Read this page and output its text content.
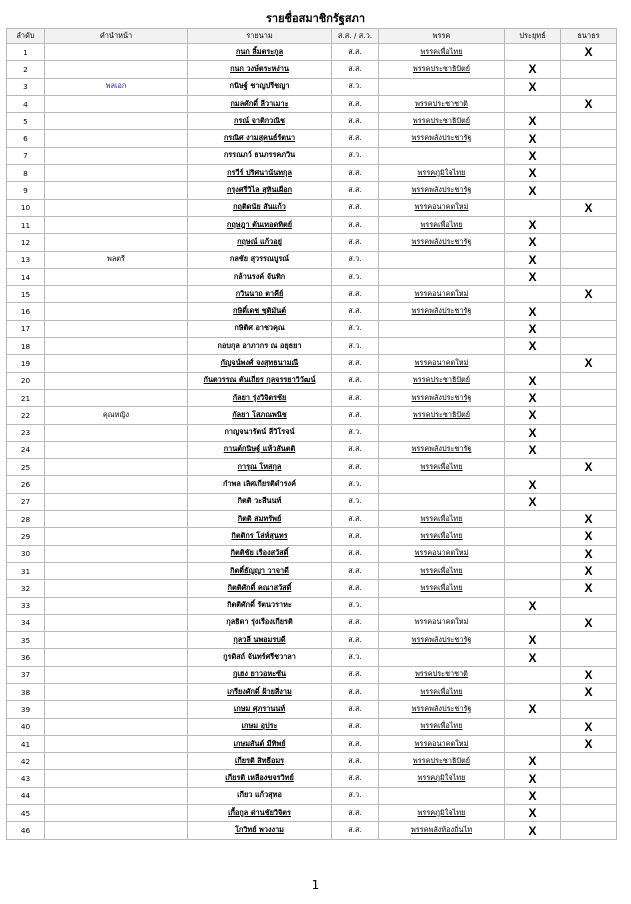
รายชื่อสมาชิกรัฐสภา
ลำดับ	คำนำหน้า	รายนาม	ส.ส. / ส.ว.	พรรค	ประยุทธ์	ธนาธร
1		กนก ลิ้มตระกูล	ส.ส.	พรรคเพื่อไทย		X
2		กนก วงษ์ตระหง่าน	ส.ส.	พรรคประชาธิปัตย์	X	
3	พลเอก	กนิษฐ์ ชาญปรีชญา	ส.ว.		X	
4		กมลศักดิ์ ลีวาเมาะ	ส.ส.	พรรคประชาชาติ		X
5		กรณ์ จาติกวณิช	ส.ส.	พรรคประชาธิปัตย์	X	
6		กรณิศ งามสุคนธ์รัตนา	ส.ส.	พรรคพลังประชารัฐ	X	
7		กรรณภว์ ธนภรรคภวิน	ส.ว.		X	
8		กรวีร์ ปริศนานันทกุล	ส.ส.	พรรคภูมิใจไทย	X	
9		กรุงศรีวิไล สุทินเผือก	ส.ส.	พรรคพลังประชารัฐ	X	
10		กฤติดนัย สันแก้ว	ส.ส.	พรรคอนาคตใหม่		X
11		กฤษฎา ตันเทอดทิตย์	ส.ส.	พรรคเพื่อไทย	X	
12		กฤษณ์ แก้วอยู่	ส.ส.	พรรคพลังประชารัฐ	X	
13	พลตรี	กลชัย สุวรรณบูรณ์	ส.ว.		X	
14		กล้านรงค์ จันทิก	ส.ว.		X	
15		กวินนาถ ตาคีย์	ส.ส.	พรรคอนาคตใหม่		X
16		กษิดิ์เดช ชุติมันต์	ส.ส.	พรรคพลังประชารัฐ	X	
17		กษิติศ อาชวคุณ	ส.ว.		X	
18		กอบกุล อาภากร ณ อยุธยา	ส.ว.		X	
19		กัญจน์พงศ์ จงสุทธนามณี	ส.ส.	พรรคอนาคตใหม่		X
20		กันตวรรณ ตันเถียร กุลจรรยาวิวัฒน์	ส.ส.	พรรคประชาธิปัตย์	X	
21		กัลยา รุ่งวิจิตรชัย	ส.ส.	พรรคพลังประชารัฐ	X	
22	คุณหญิง	กัลยา โสภณพนิช	ส.ส.	พรรคประชาธิปัตย์	X	
23		กาญจนารัตน์ ลีวิโรจน์	ส.ว.		X	
24		กานต์กนิษฐ์ แห้วสันตติ	ส.ส.	พรรคพลังประชารัฐ	X	
25		การุณ โหสกุล	ส.ส.	พรรคเพื่อไทย		X
26		กำพล เลิศเกียรติดำรงค์	ส.ว.		X	
27		กิตติ วะสีนนท์	ส.ว.		X	
28		กิตติ สมทรัพย์	ส.ส.	พรรคเพื่อไทย		X
29		กิตติกร โล่ห์สุนทร	ส.ส.	พรรคเพื่อไทย		X
30		กิตติชัย เรืองสวัสดิ์	ส.ส.	พรรคอนาคตใหม่		X
31		กิตติ์ธัญญา วาจาดี	ส.ส.	พรรคเพื่อไทย		X
32		กิตติศักดิ์ คณาสวัสดิ์	ส.ส.	พรรคเพื่อไทย		X
33		กิตติศักดิ์ รัตนวราหะ	ส.ว.		X	
34		กุลธิดา รุ่งเรืองเกียรติ	ส.ส.	พรรคอนาคตใหม่		X
35		กุลวลี นพอมรบดี	ส.ส.	พรรคพลังประชารัฐ	X	
36		กูรดิสถ์ จันทร์ศรีชวาลา	ส.ว.		X	
37		กูเฮง ยาวอหะซัน	ส.ส.	พรรคประชาชาติ		X
38		เกรียงศักดิ์ ฝ้ายสีงาม	ส.ส.	พรรคเพื่อไทย		X
39		เกษม ศุภรานนท์	ส.ส.	พรรคพลังประชารัฐ	X	
40		เกษม อุประ	ส.ส.	พรรคเพื่อไทย		X
41		เกษมสันต์ มีทิพย์	ส.ส.	พรรคอนาคตใหม่		X
42		เกียรติ สิทธีอมร	ส.ส.	พรรคประชาธิปัตย์	X	
43		เกียรติ เหลืองขจรวิทย์	ส.ส.	พรรคภูมิใจไทย	X	
44		เกียว แก้วสุทอ	ส.ว.		X	
45		เกื้อกูล ด่านชัยวิจิตร	ส.ส.	พรรคภูมิใจไทย	X	
46		โกวิทย์ พวงงาม	ส.ส.	พรรคพลังท้องถิ่นไท	X	
1
